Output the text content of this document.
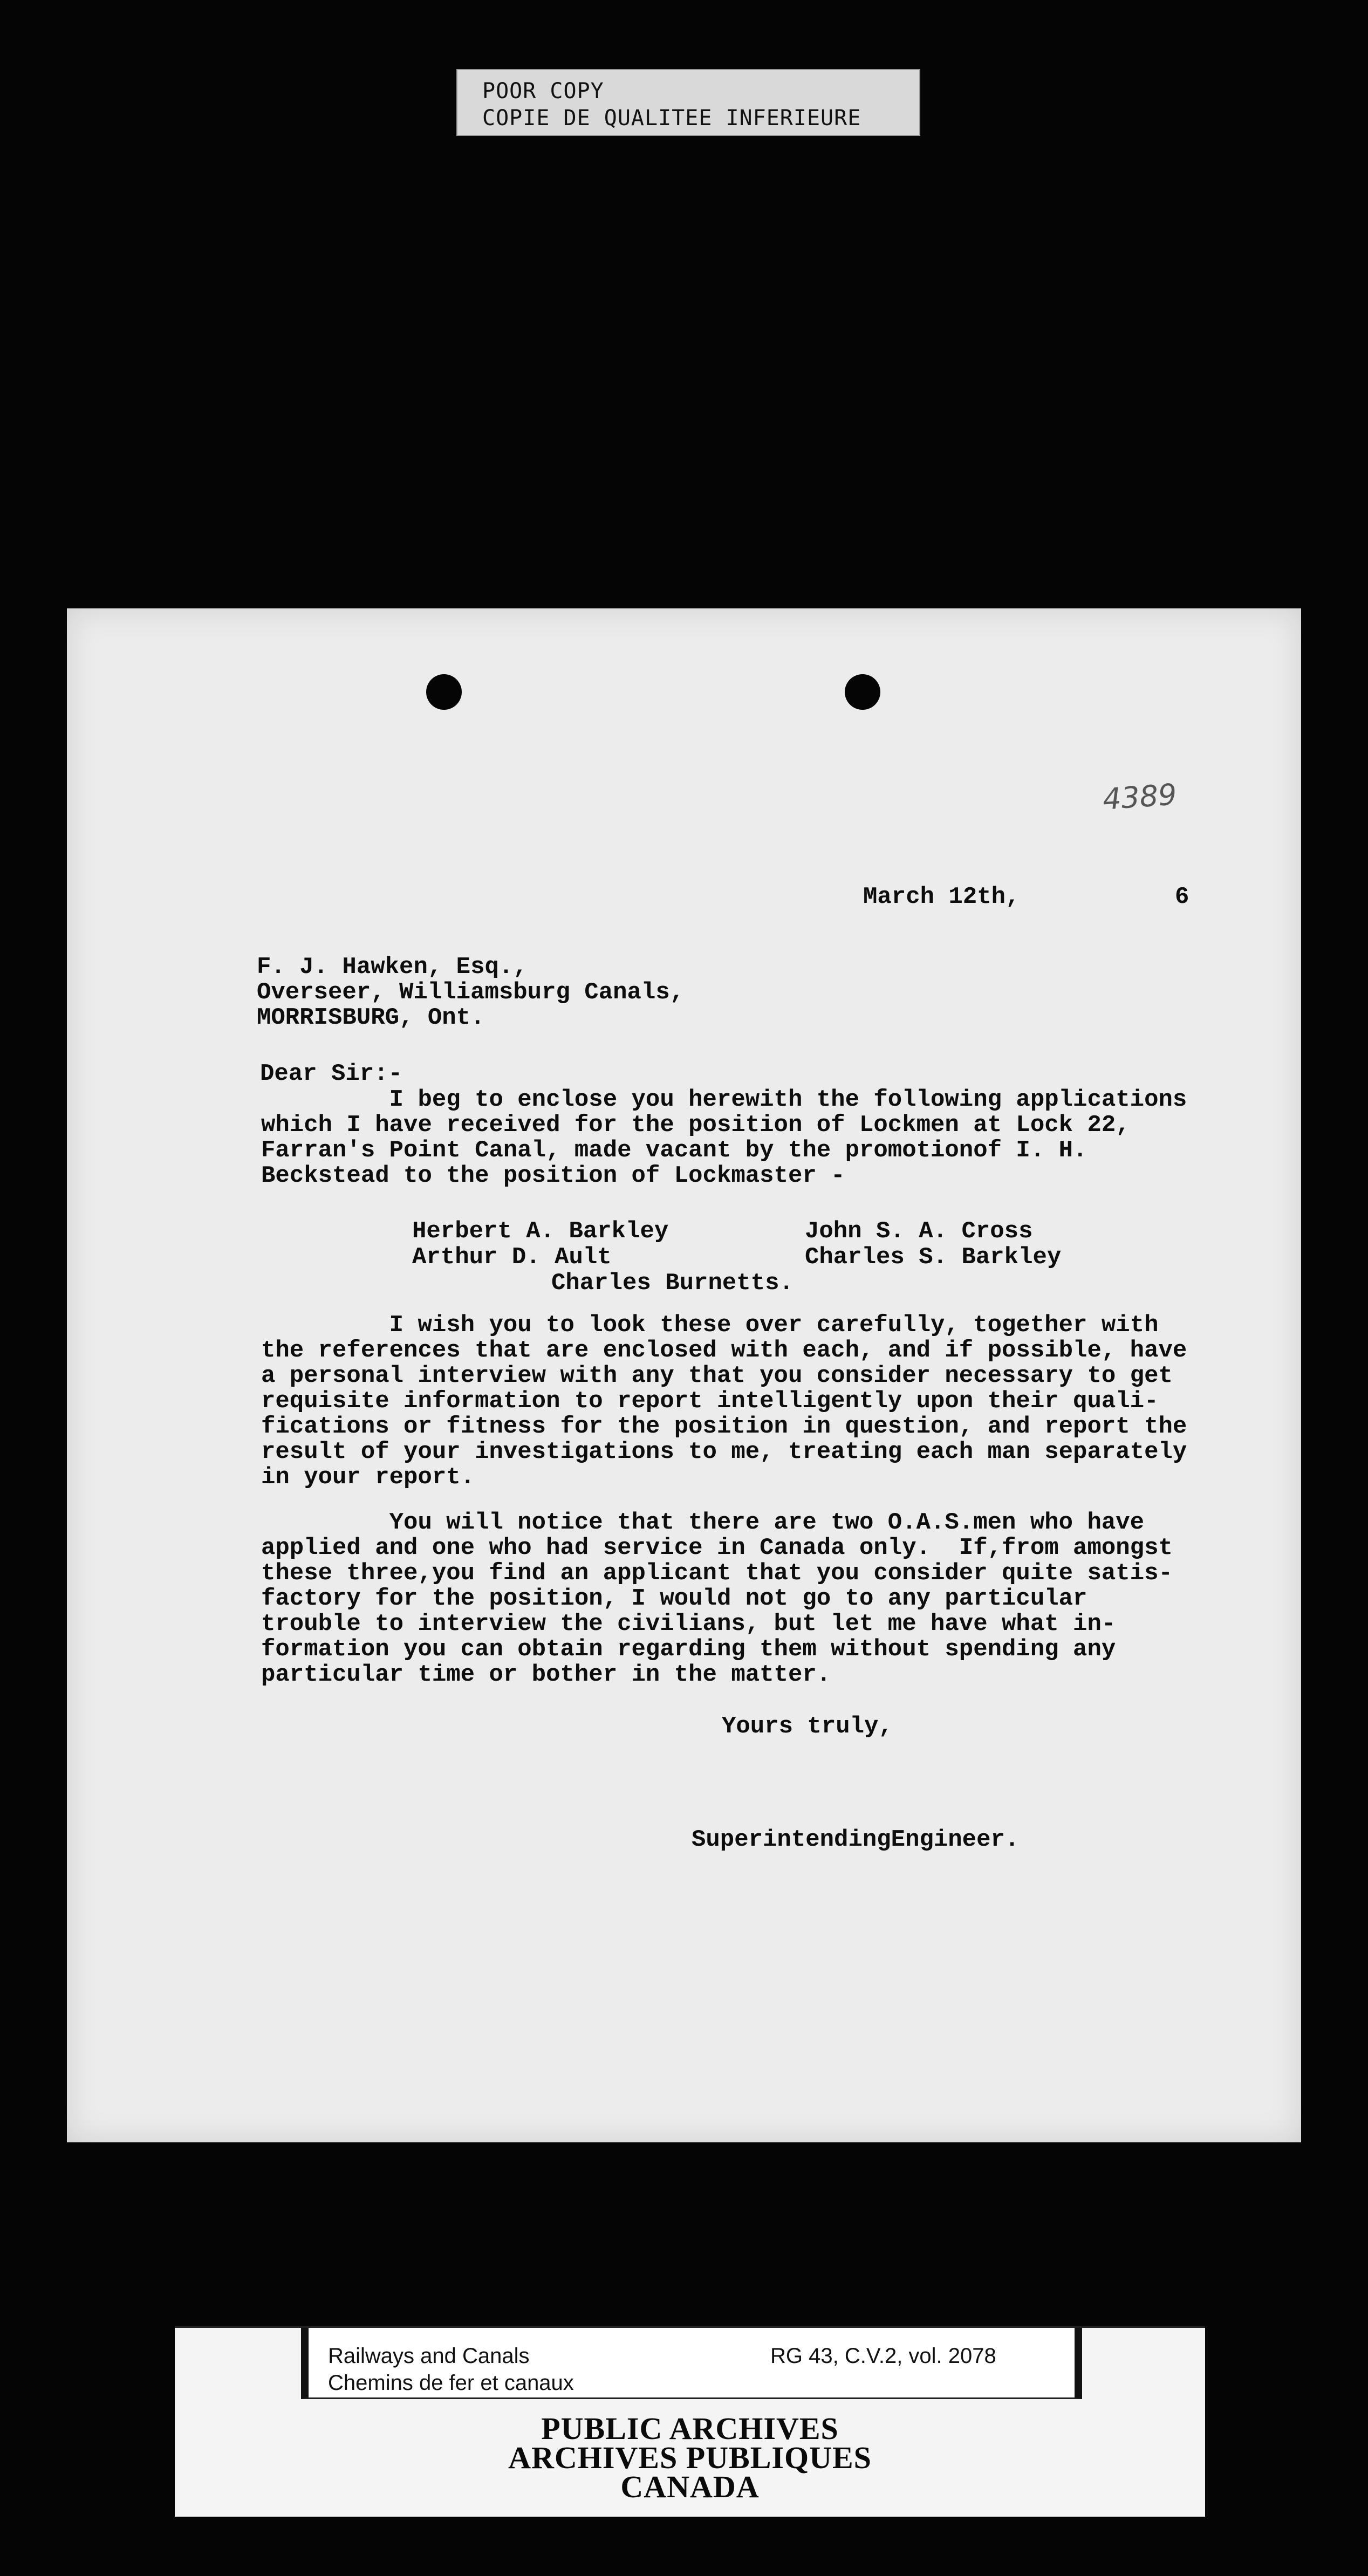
POOR COPY
COPIE DE QUALITEE INFERIEURE
4389
March 12th,	6
F. J. Hawken, Esq.,
Overseer, Williamsburg Canals,
MORRISBURG, Ont.
Dear Sir:-
I beg to enclose you herewith the following applications
which I have received for the position of Lockmen at Lock 22,
Farran's Point Canal, made vacant by the promotionof I. H.
Beckstead to the position of Lockmaster -
Herbert A. Barkley	John S. A. Cross
Arthur D. Ault	Charles S. Barkley
Charles Burnetts.
I wish you to look these over carefully, together with
the references that are enclosed with each, and if possible, have
a personal interview with any that you consider necessary to get
requisite information to report intelligently upon their quali-
fications or fitness for the position in question, and report the
result of your investigations to me, treating each man separately
in your report.
You will notice that there are two O.A.S.men who have
applied and one who had service in Canada only.  If,from amongst
these three,you find an applicant that you consider quite satis-
factory for the position, I would not go to any particular
trouble to interview the civilians, but let me have what in-
formation you can obtain regarding them without spending any
particular time or bother in the matter.
Yours truly,
SuperintendingEngineer.
Railways and Canals
Chemins de fer et canaux
RG 43, C.V.2, vol. 2078
PUBLIC ARCHIVES
ARCHIVES PUBLIQUES
CANADA
